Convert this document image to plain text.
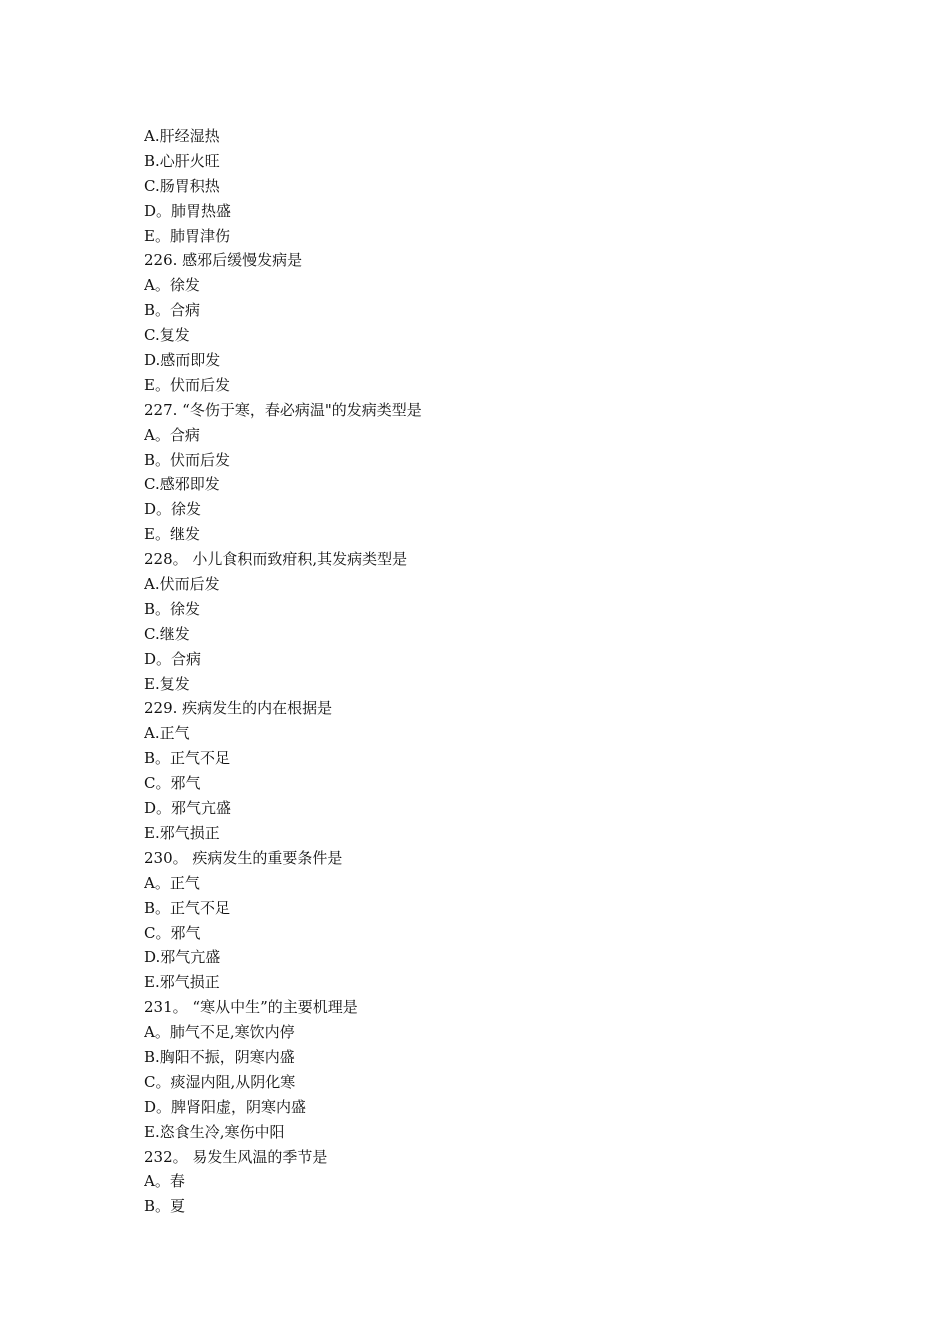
A.肝经湿热
B.心肝火旺
C.肠胃积热
D。肺胃热盛
E。肺胃津伤
226. 感邪后缓慢发病是
A。徐发
B。合病
C.复发
D.感而即发
E。伏而后发
227. “冬伤于寒，春必病温"的发病类型是
A。合病
B。伏而后发
C.感邪即发
D。徐发
E。继发
228。 小儿食积而致疳积,其发病类型是
A.伏而后发
B。徐发
C.继发
D。合病
E.复发
229. 疾病发生的内在根据是
A.正气
B。正气不足
C。邪气
D。邪气亢盛
E.邪气损正
230。 疾病发生的重要条件是
A。正气
B。正气不足
C。邪气
D.邪气亢盛
E.邪气损正
231。 “寒从中生”的主要机理是
A。肺气不足,寒饮内停
B.胸阳不振，阴寒内盛
C。痰湿内阻,从阴化寒
D。脾肾阳虚，阴寒内盛
E.恣食生冷,寒伤中阳
232。 易发生风温的季节是
A。春
B。夏
